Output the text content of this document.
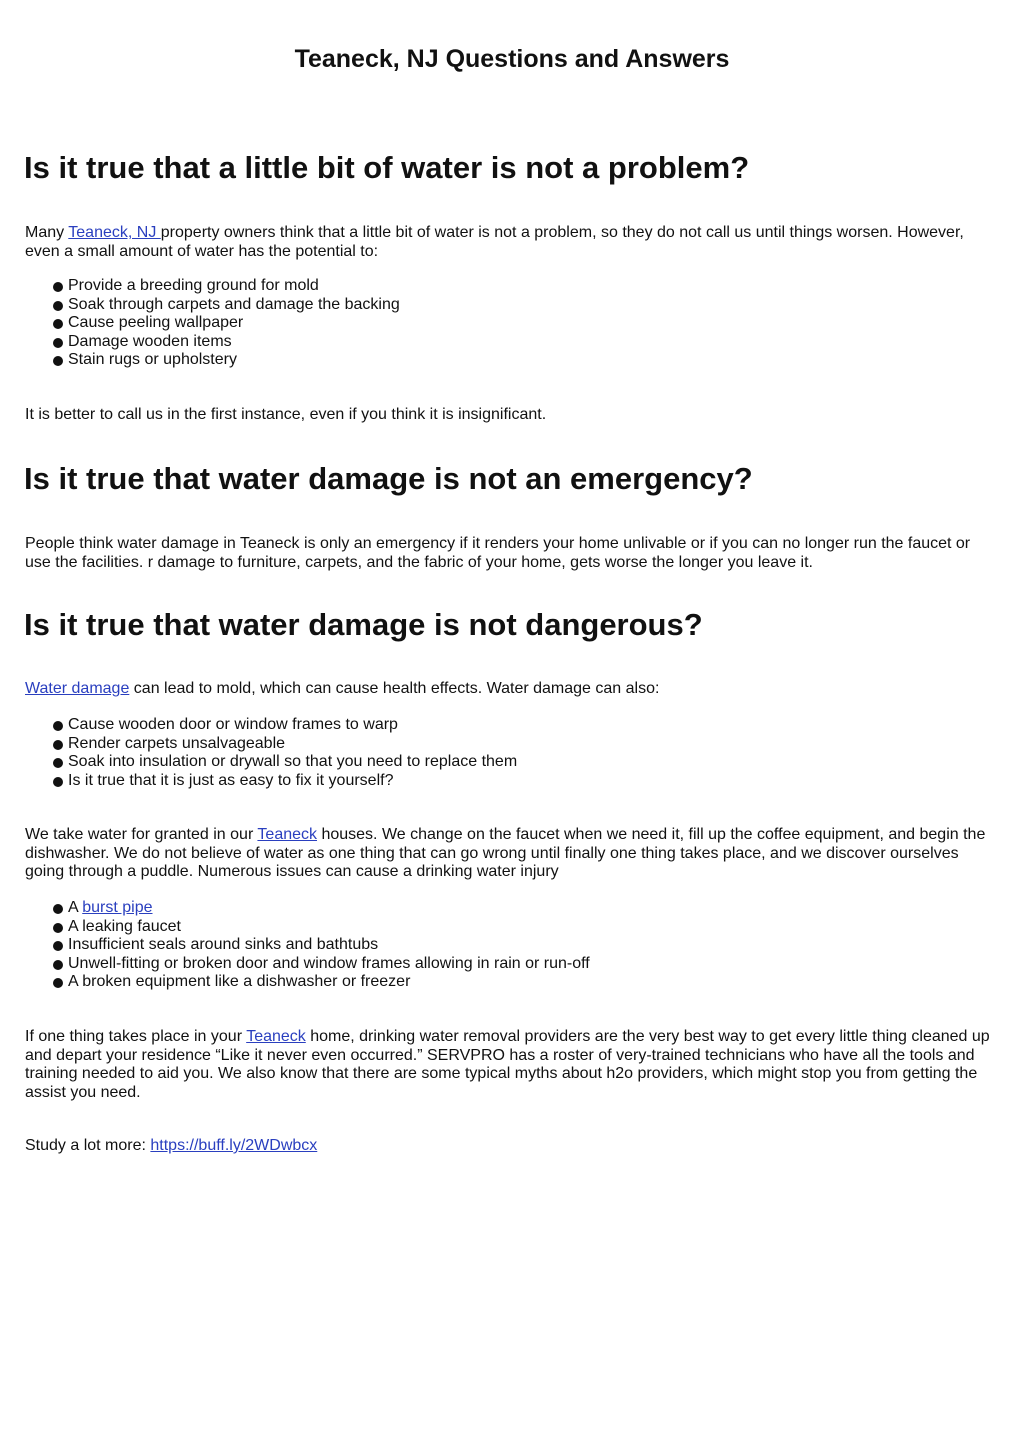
Teaneck, NJ Questions and Answers
Is it true that a little bit of water is not a problem?

Many Teaneck, NJ property owners think that a little bit of water is not a problem, so they do not call us until things worsen. However, even a small amount of water has the potential to:

Provide a breeding ground for mold
Soak through carpets and damage the backing
Cause peeling wallpaper
Damage wooden items
Stain rugs or upholstery

It is better to call us in the first instance, even if you think it is insignificant.

Is it true that water damage is not an emergency?

People think water damage in Teaneck is only an emergency if it renders your home unlivable or if you can no longer run the faucet or use the facilities. r damage to furniture, carpets, and the fabric of your home, gets worse the longer you leave it.

Is it true that water damage is not dangerous?

Water damage can lead to mold, which can cause health effects. Water damage can also:

Cause wooden door or window frames to warp
Render carpets unsalvageable
Soak into insulation or drywall so that you need to replace them
Is it true that it is just as easy to fix it yourself?

We take water for granted in our Teaneck houses. We change on the faucet when we need it, fill up the coffee equipment, and begin the dishwasher. We do not believe of water as one thing that can go wrong until finally one thing takes place, and we discover ourselves going through a puddle. Numerous issues can cause a drinking water injury

A burst pipe
A leaking faucet
Insufficient seals around sinks and bathtubs
Unwell-fitting or broken door and window frames allowing in rain or run-off
A broken equipment like a dishwasher or freezer

If one thing takes place in your Teaneck home, drinking water removal providers are the very best way to get every little thing cleaned up and depart your residence “Like it never even occurred.” SERVPRO has a roster of very-trained technicians who have all the tools and training needed to aid you. We also know that there are some typical myths about h2o providers, which might stop you from getting the assist you need.

Study a lot more: https://buff.ly/2WDwbcx
